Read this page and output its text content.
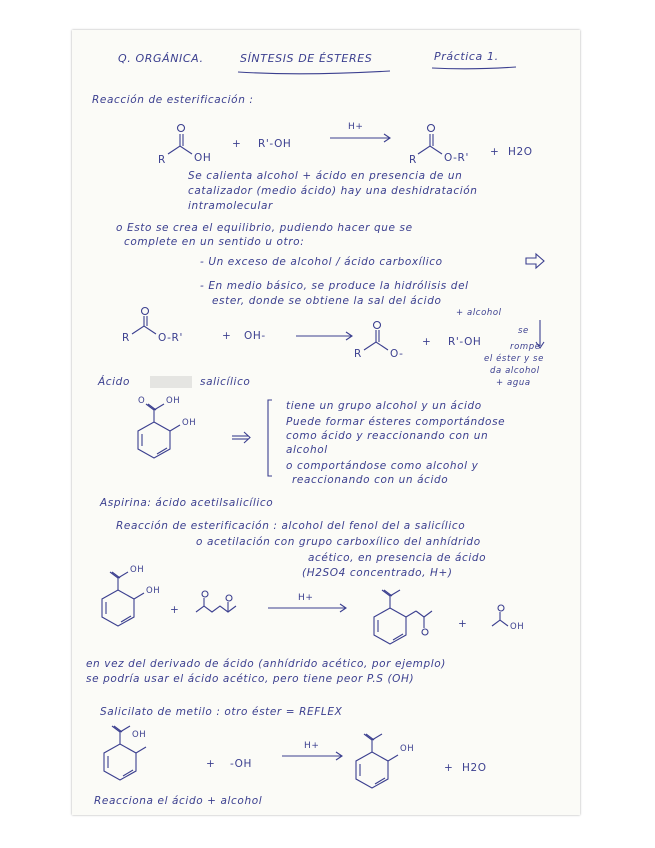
Q. ORGÁNICA.	SÍNTESIS DE ÉSTERES	Práctica 1.
Reacción de esterificación :
R	OH
+ R'-OH
H+
R	O-R' + H2O
Se calienta alcohol + ácido en presencia de un
catalizador (medio ácido) hay una deshidratación
intramolecular
o Esto se crea el equilibrio, pudiendo hacer que se
complete en un sentido u otro:
- Un exceso de alcohol / ácido carboxílico
- En medio básico, se produce la hidrólisis del
ester, donde se obtiene la sal del ácido
+ alcohol
R	O-R'	+ OH-
R	O-
+ R'-OH
se
rompe
el éster y se
da alcohol
+ agua
Ácido	salicílico
O OH
OH
tiene un grupo alcohol y un ácido
Puede formar ésteres comportándose
como ácido y reaccionando con un
alcohol
o comportándose como alcohol y
reaccionando con un ácido
Aspirina: ácido acetilsalicílico
Reacción de esterificación : alcohol del fenol del a salicílico
o acetilación con grupo carboxílico del anhídrido
acético, en presencia de ácido
(H2SO4 concentrado, H+)
OH
OH
+
H+
+	OH
en vez del derivado de ácido (anhídrido acético, por ejemplo)
se podría usar el ácido acético, pero tiene peor P.S (OH)
Salicilato de metilo : otro éster = REFLEX
OH
+ -OH
H+	OH
+ H2O
Reacciona el ácido + alcohol
